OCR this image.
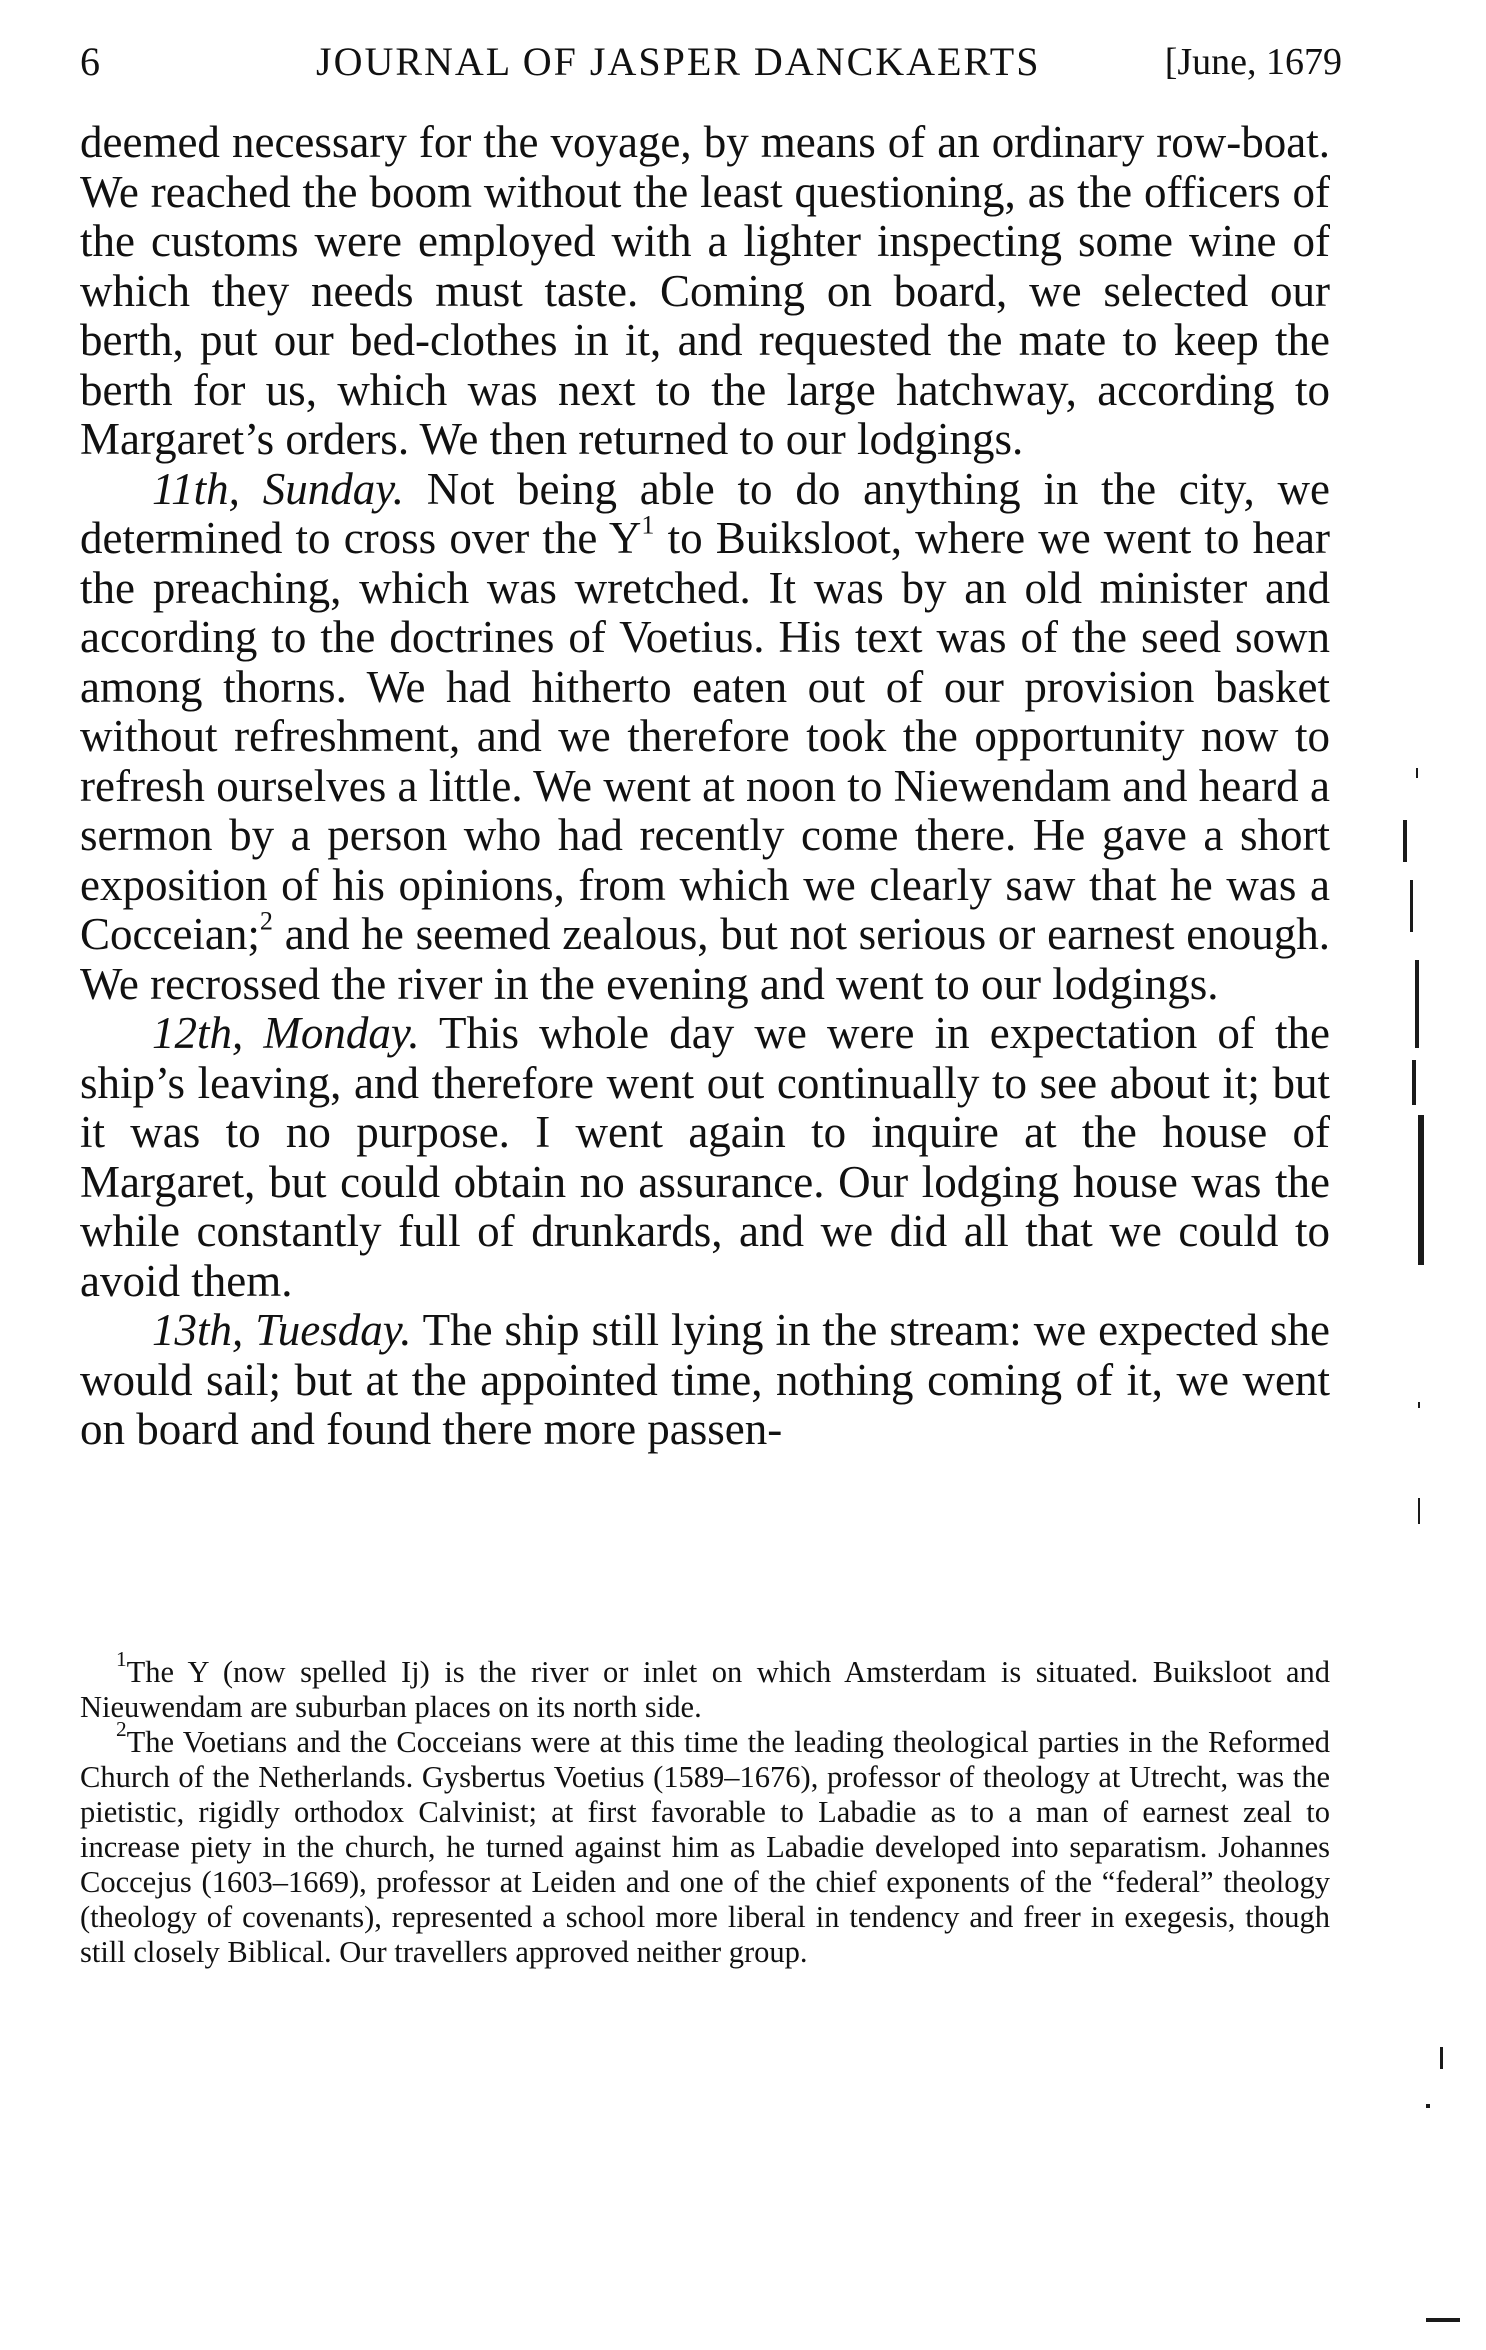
6	JOURNAL OF JASPER DANCKAERTS	[June, 1679

deemed necessary for the voyage, by means of an ordinary row-boat. We reached the boom without the least questioning, as the officers of the customs were employed with a lighter inspecting some wine of which they needs must taste. Coming on board, we selected our berth, put our bed-clothes in it, and requested the mate to keep the berth for us, which was next to the large hatchway, according to Margaret’s orders. We then returned to our lodgings.

11th, Sunday. Not being able to do anything in the city, we determined to cross over the $Y^1$ to Buiksloot, where we went to hear the preaching, which was wretched. It was by an old minister and according to the doctrines of Voetius. His text was of the seed sown among thorns. We had hitherto eaten out of our provision basket without refreshment, and we therefore took the opportunity now to refresh ourselves a little. We went at noon to Niewendam and heard a sermon by a person who had recently come there. He gave a short exposition of his opinions, from which we clearly saw that he was a Cocceian;$^2$ and he seemed zealous, but not serious or earnest enough. We recrossed the river in the evening and went to our lodgings.

12th, Monday. This whole day we were in expectation of the ship’s leaving, and therefore went out continually to see about it; but it was to no purpose. I went again to inquire at the house of Margaret, but could obtain no assurance. Our lodging house was the while constantly full of drunkards, and we did all that we could to avoid them.

13th, Tuesday. The ship still lying in the stream: we expected she would sail; but at the appointed time, nothing coming of it, we went on board and found there more passen-

$^1$The Y (now spelled Ij) is the river or inlet on which Amsterdam is situated. Buiksloot and Nieuwendam are suburban places on its north side.

$^2$The Voetians and the Cocceians were at this time the leading theological parties in the Reformed Church of the Netherlands. Gysbertus Voetius (1589–1676), professor of theology at Utrecht, was the pietistic, rigidly orthodox Calvinist; at first favorable to Labadie as to a man of earnest zeal to increase piety in the church, he turned against him as Labadie developed into separatism. Johannes Coccejus (1603–1669), professor at Leiden and one of the chief exponents of the “federal” theology (theology of covenants), represented a school more liberal in tendency and freer in exegesis, though still closely Biblical. Our travellers approved neither group.
